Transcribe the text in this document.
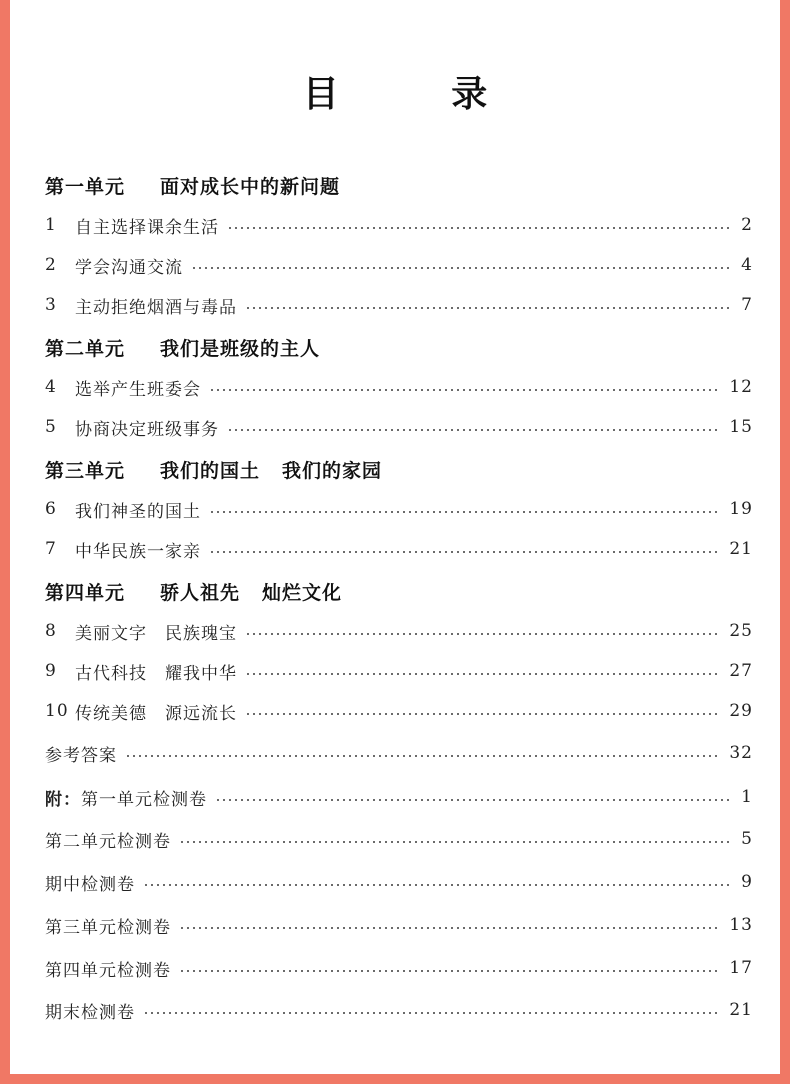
目 录
第一单元	面对成长中的新问题
1	自主选择课余生活	2
2	学会沟通交流	4
3	主动拒绝烟酒与毒品	7
第二单元	我们是班级的主人
4	选举产生班委会	12
5	协商决定班级事务	15
第三单元	我们的国土 我们的家园
6	我们神圣的国土	19
7	中华民族一家亲	21
第四单元	骄人祖先 灿烂文化
8	美丽文字 民族瑰宝	25
9	古代科技 耀我中华	27
10 传统美德 源远流长	29
参考答案	32
附： 第一单元检测卷	1
第二单元检测卷	5
期中检测卷	9
第三单元检测卷	13
第四单元检测卷	17
期末检测卷	21
